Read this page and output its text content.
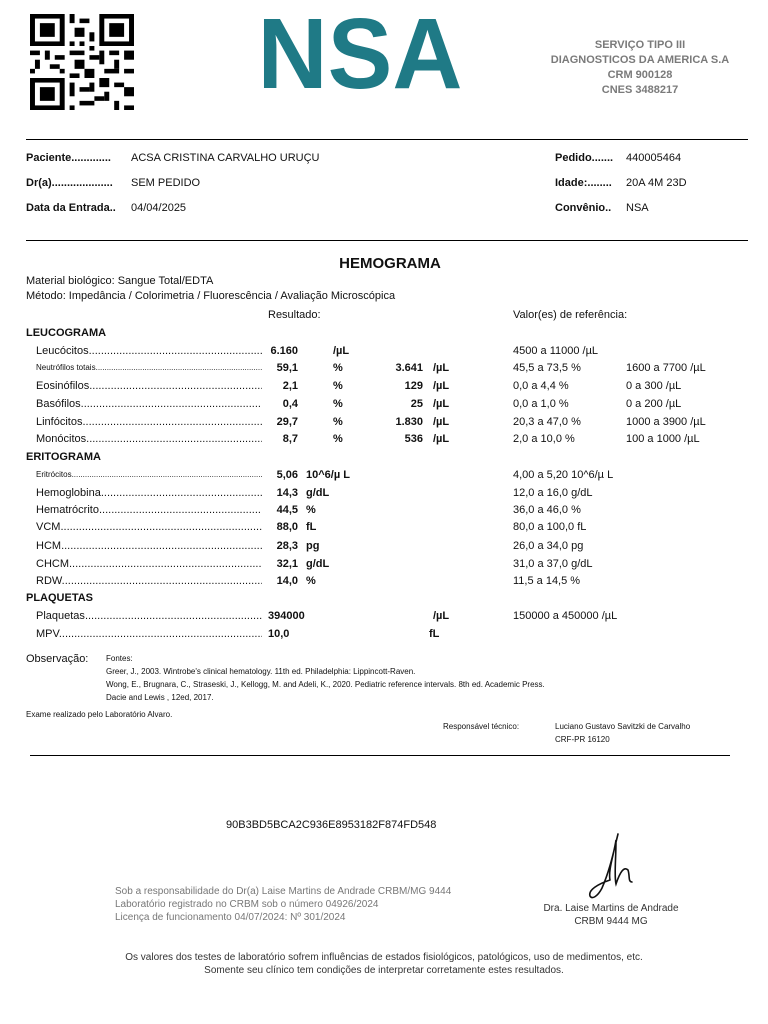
NSA	SERVIÇO TIPO III
DIAGNOSTICOS DA AMERICA S.A
CRM 900128
CNES 3488217
Paciente............. ACSA CRISTINA CARVALHO URUÇU
Dr(a).................... SEM PEDIDO
Data da Entrada.. 04/04/2025
Pedido....... 440005464
Idade:........ 20A 4M 23D
Convênio.. NSA
HEMOGRAMA
Material biológico: Sangue Total/EDTA
Método: Impedância / Colorimetria / Fluorescência / Avaliação Microscópica
Resultado:	Valor(es) de referência:
LEUCOGRAMA
Leucócitos .....	6.160	/µL	4500 a 11000 /µL
Neutrófilos totais .....	59,1	%	3.641 /µL	45,5 a 73,5 %	1600 a 7700 /µL
Eosinófilos .....	2,1	%	129 /µL	0,0 a 4,4 %	0 a 300 /µL
Basófilos .....	0,4	%	25 /µL	0,0 a 1,0 %	0 a 200 /µL
Linfócitos .....	29,7	%	1.830 /µL	20,3 a 47,0 %	1000 a 3900 /µL
Monócitos .....	8,7	%	536 /µL	2,0 a 10,0 %	100 a 1000 /µL
ERITOGRAMA
Eritrócitos .....	5,06 10^6/µ L	4,00 a 5,20 10^6/µ L
Hemoglobina .....	14,3 g/dL	12,0 a 16,0 g/dL
Hematrócrito .....	44,5 %	36,0 a 46,0 %
VCM .....	88,0 fL	80,0 a 100,0 fL
HCM .....	28,3 pg	26,0 a 34,0 pg
CHCM .....	32,1 g/dL	31,0 a 37,0 g/dL
RDW .....	14,0 %	11,5 a 14,5 %
PLAQUETAS
Plaquetas .....	394000	/µL	150000 a 450000 /µL
MPV .....	10,0	fL
Observação: Fontes:
Greer, J., 2003. Wintrobe's clinical hematology. 11th ed. Philadelphia: Lippincott-Raven.
Wong, E., Brugnara, C., Straseski, J., Kellogg, M. and Adeli, K., 2020. Pediatric reference intervals. 8th ed. Academic Press.
Dacie and Lewis , 12ed, 2017.
Exame realizado pelo Laboratório Alvaro.
Responsável técnico:	Luciano Gustavo Savitzki de Carvalho
CRF-PR 16120
90B3BD5BCA2C936E8953182F874FD548
Sob a responsabilidade do Dr(a) Laise Martins de Andrade CRBM/MG 9444
Laboratório registrado no CRBM sob o número 04926/2024
Licença de funcionamento 04/07/2024: Nº 301/2024
Dra. Laise Martins de Andrade
CRBM 9444 MG
Os valores dos testes de laboratório sofrem influências de estados fisiológicos, patológicos, uso de medimentos, etc.
Somente seu clínico tem condições de interpretar corretamente estes resultados.
